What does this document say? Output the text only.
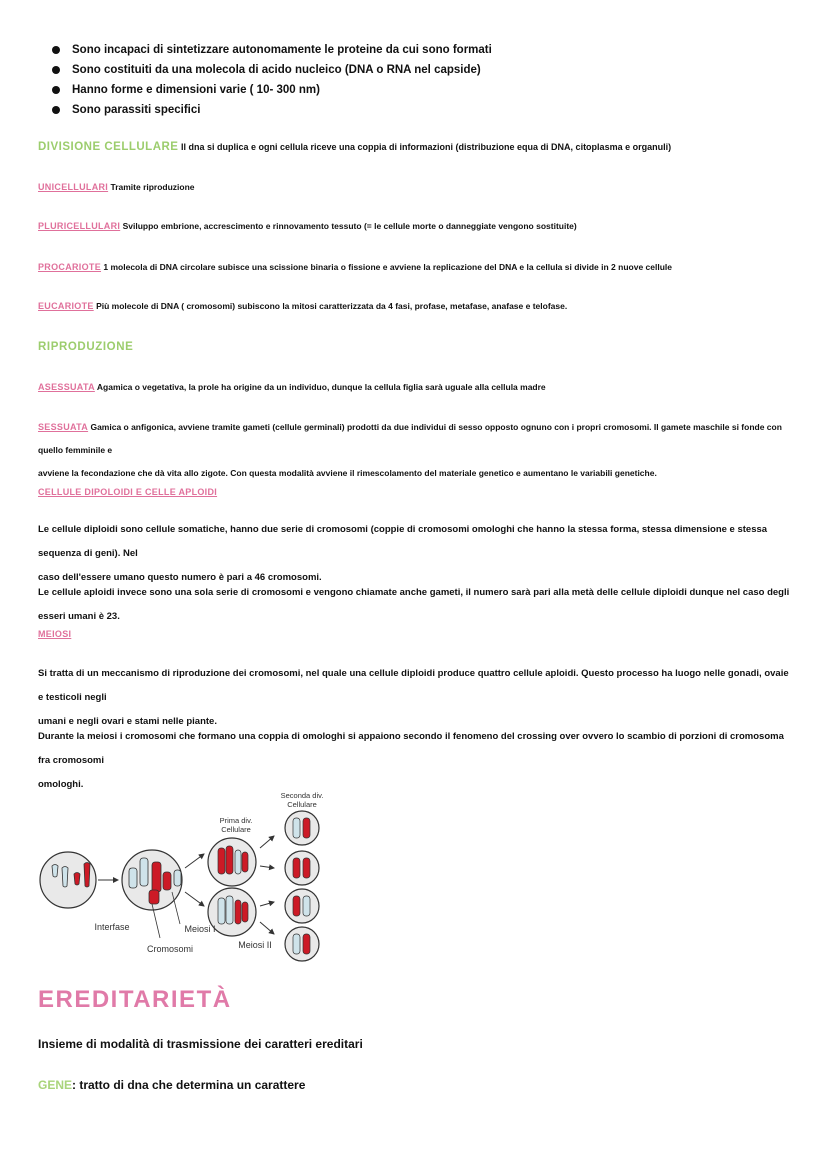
Sono incapaci di sintetizzare autonomamente le proteine da cui sono formati
Sono costituiti da una molecola di acido nucleico (DNA o RNA nel capside)
Hanno forme e dimensioni varie ( 10- 300 nm)
Sono parassiti specifici
DIVISIONE CELLULARE Il dna si duplica e ogni cellula riceve una coppia di informazioni (distribuzione equa di DNA, citoplasma e organuli)
UNICELLULARI Tramite riproduzione
PLURICELLULARI Sviluppo embrione, accrescimento e rinnovamento tessuto (= le cellule morte o danneggiate vengono sostituite)
PROCARIOTE 1 molecola di DNA circolare subisce una scissione binaria o fissione e avviene la replicazione del DNA e la cellula si divide in 2 nuove cellule
EUCARIOTE Più molecole di DNA ( cromosomi) subiscono la mitosi caratterizzata da 4 fasi, profase, metafase, anafase e telofase.
RIPRODUZIONE
ASESSUATA Agamica o vegetativa, la prole ha origine da un individuo, dunque la cellula figlia sarà uguale alla cellula madre
SESSUATA Gamica o anfigonica, avviene tramite gameti (cellule germinali) prodotti da due individui di sesso opposto ognuno con i propri cromosomi. Il gamete maschile si fonde con quello femminile e
avviene la fecondazione che dà vita allo zigote. Con questa modalità avviene il rimescolamento del materiale genetico e aumentano le variabili genetiche.
CELLULE DIPOLOIDI E CELLE APLOIDI
Le cellule diploidi sono cellule somatiche, hanno due serie di cromosomi (coppie di cromosomi omologhi che hanno la stessa forma, stessa dimensione e stessa sequenza di geni). Nel
caso dell'essere umano questo numero è pari a 46 cromosomi.
Le cellule aploidi invece sono una sola serie di cromosomi e vengono chiamate anche gameti, il numero sarà pari alla metà delle cellule diploidi dunque nel caso degli esseri umani è 23.
MEIOSI
Si tratta di un meccanismo di riproduzione dei cromosomi, nel quale una cellule diploidi produce quattro cellule aploidi. Questo processo ha luogo nelle gonadi, ovaie e testicoli negli
umani e negli ovari e stami nelle piante.
Durante la meiosi i cromosomi che formano una coppia di omologhi si appaiono secondo il fenomeno del crossing over ovvero lo scambio di porzioni di cromosoma fra cromosomi
omologhi.
Seconda div.
Cellulare
Prima div.
Cellulare
Interfase	Meiosi I
Cromosomi	Meiosi II
EREDITARIETÀ
Insieme di modalità di trasmissione dei caratteri ereditari
GENE: tratto di dna che determina un carattere
